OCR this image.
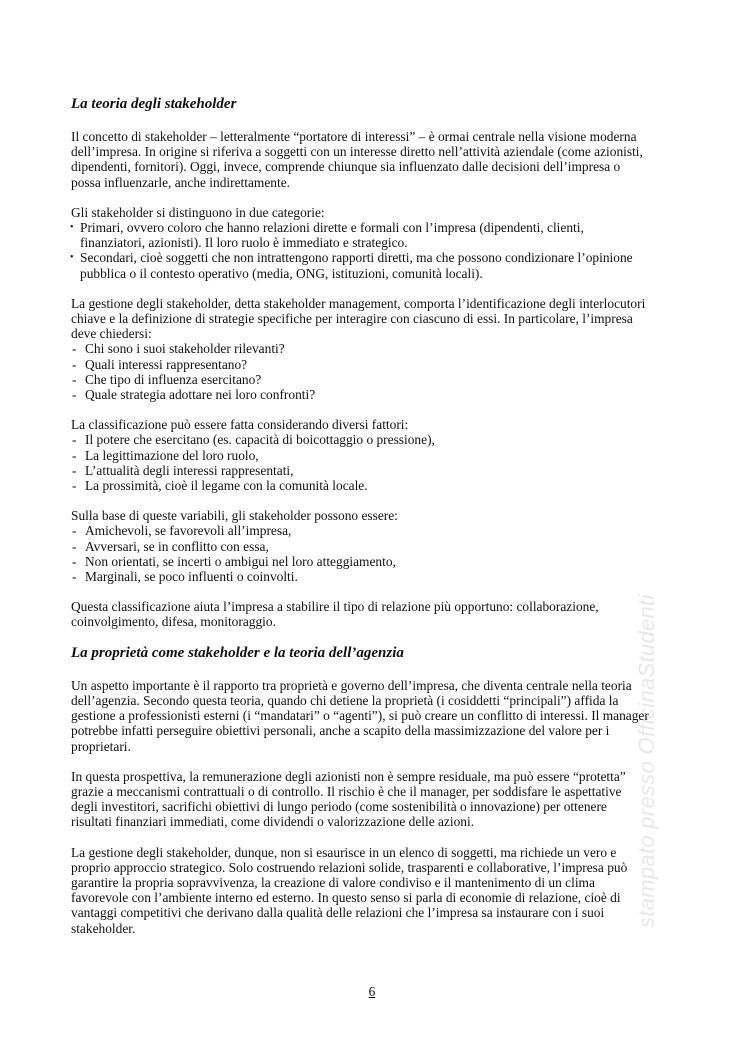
stampato presso OfficinaStudenti
La teoria degli stakeholder

Il concetto di stakeholder – letteralmente “portatore di interessi” – è ormai centrale nella visione moderna dell’impresa. In origine si riferiva a soggetti con un interesse diretto nell’attività aziendale (come azionisti, dipendenti, fornitori). Oggi, invece, comprende chiunque sia influenzato dalle decisioni dell’impresa o possa influenzarle, anche indirettamente.

Gli stakeholder si distinguono in due categorie:

• Primari, ovvero coloro che hanno relazioni dirette e formali con l’impresa (dipendenti, clienti, finanziatori, azionisti). Il loro ruolo è immediato e strategico.
• Secondari, cioè soggetti che non intrattengono rapporti diretti, ma che possono condizionare l’opinione pubblica o il contesto operativo (media, ONG, istituzioni, comunità locali).

La gestione degli stakeholder, detta stakeholder management, comporta l’identificazione degli interlocutori chiave e la definizione di strategie specifiche per interagire con ciascuno di essi. In particolare, l’impresa deve chiedersi:

- Chi sono i suoi stakeholder rilevanti?
- Quali interessi rappresentano?
- Che tipo di influenza esercitano?
- Quale strategia adottare nei loro confronti?

La classificazione può essere fatta considerando diversi fattori:

- Il potere che esercitano (es. capacità di boicottaggio o pressione),
- La legittimazione del loro ruolo,
- L’attualità degli interessi rappresentati,
- La prossimità, cioè il legame con la comunità locale.

Sulla base di queste variabili, gli stakeholder possono essere:

- Amichevoli, se favorevoli all’impresa,
- Avversari, se in conflitto con essa,
- Non orientati, se incerti o ambigui nel loro atteggiamento,
- Marginali, se poco influenti o coinvolti.

Questa classificazione aiuta l’impresa a stabilire il tipo di relazione più opportuno: collaborazione, coinvolgimento, difesa, monitoraggio.

La proprietà come stakeholder e la teoria dell’agenzia

Un aspetto importante è il rapporto tra proprietà e governo dell’impresa, che diventa centrale nella teoria dell’agenzia. Secondo questa teoria, quando chi detiene la proprietà (i cosiddetti “principali”) affida la gestione a professionisti esterni (i “mandatari” o “agenti”), si può creare un conflitto di interessi. Il manager potrebbe infatti perseguire obiettivi personali, anche a scapito della massimizzazione del valore per i proprietari.

In questa prospettiva, la remunerazione degli azionisti non è sempre residuale, ma può essere “protetta” grazie a meccanismi contrattuali o di controllo. Il rischio è che il manager, per soddisfare le aspettative degli investitori, sacrifichi obiettivi di lungo periodo (come sostenibilità o innovazione) per ottenere risultati finanziari immediati, come dividendi o valorizzazione delle azioni.

La gestione degli stakeholder, dunque, non si esaurisce in un elenco di soggetti, ma richiede un vero e proprio approccio strategico. Solo costruendo relazioni solide, trasparenti e collaborative, l’impresa può garantire la propria sopravvivenza, la creazione di valore condiviso e il mantenimento di un clima favorevole con l’ambiente interno ed esterno. In questo senso si parla di economie di relazione, cioè di vantaggi competitivi che derivano dalla qualità delle relazioni che l’impresa sa instaurare con i suoi stakeholder.

6
